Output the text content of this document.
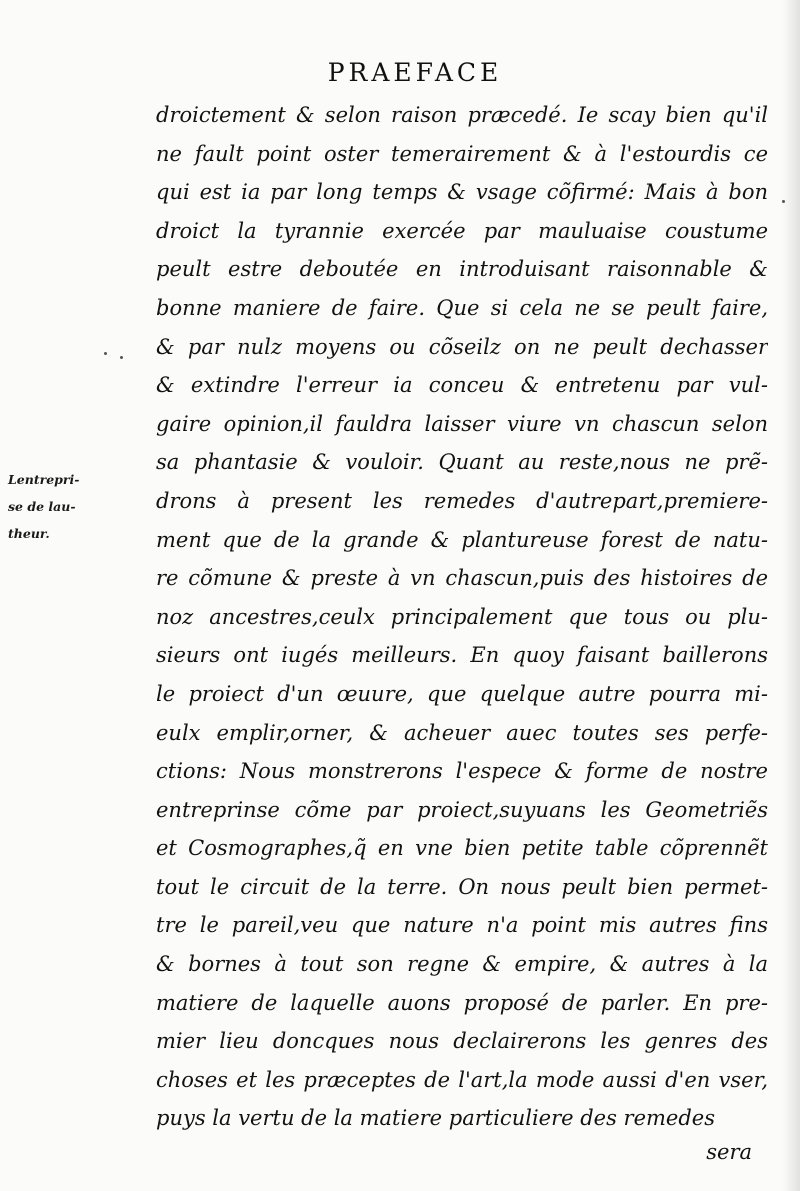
PRAEFACE
Lentrepri-
se de lau-
theur.
droictement & selon raison præcedé. Ie scay bien qu'il
ne fault point oster temerairement & à l'estourdis ce
qui est ia par long temps & vsage cõfirmé: Mais à bon
droict la tyrannie exercée par mauluaise coustume
peult estre deboutée en introduisant raisonnable &
bonne maniere de faire. Que si cela ne se peult faire,
& par nulz moyens ou cõseilz on ne peult dechasser
& extindre l'erreur ia conceu & entretenu par vul-
gaire opinion,il fauldra laisser viure vn chascun selon
sa phantasie & vouloir. Quant au reste,nous ne prẽ-
drons à present les remedes d'autrepart,premiere-
ment que de la grande & plantureuse forest de natu-
re cõmune & preste à vn chascun,puis des histoires de
noz ancestres,ceulx principalement que tous ou plu-
sieurs ont iugés meilleurs. En quoy faisant baillerons
le proiect d'un œuure, que quelque autre pourra mi-
eulx emplir,orner, & acheuer auec toutes ses perfe-
ctions: Nous monstrerons l'espece & forme de nostre
entreprinse cõme par proiect,suyuans les Geometriẽs
et Cosmographes,q̃ en vne bien petite table cõprennẽt
tout le circuit de la terre. On nous peult bien permet-
tre le pareil,veu que nature n'a point mis autres fins
& bornes à tout son regne & empire, & autres à la
matiere de laquelle auons proposé de parler. En pre-
mier lieu doncques nous declairerons les genres des
choses et les præceptes de l'art,la mode aussi d'en vser,
puys la vertu de la matiere particuliere des remedes
sera
